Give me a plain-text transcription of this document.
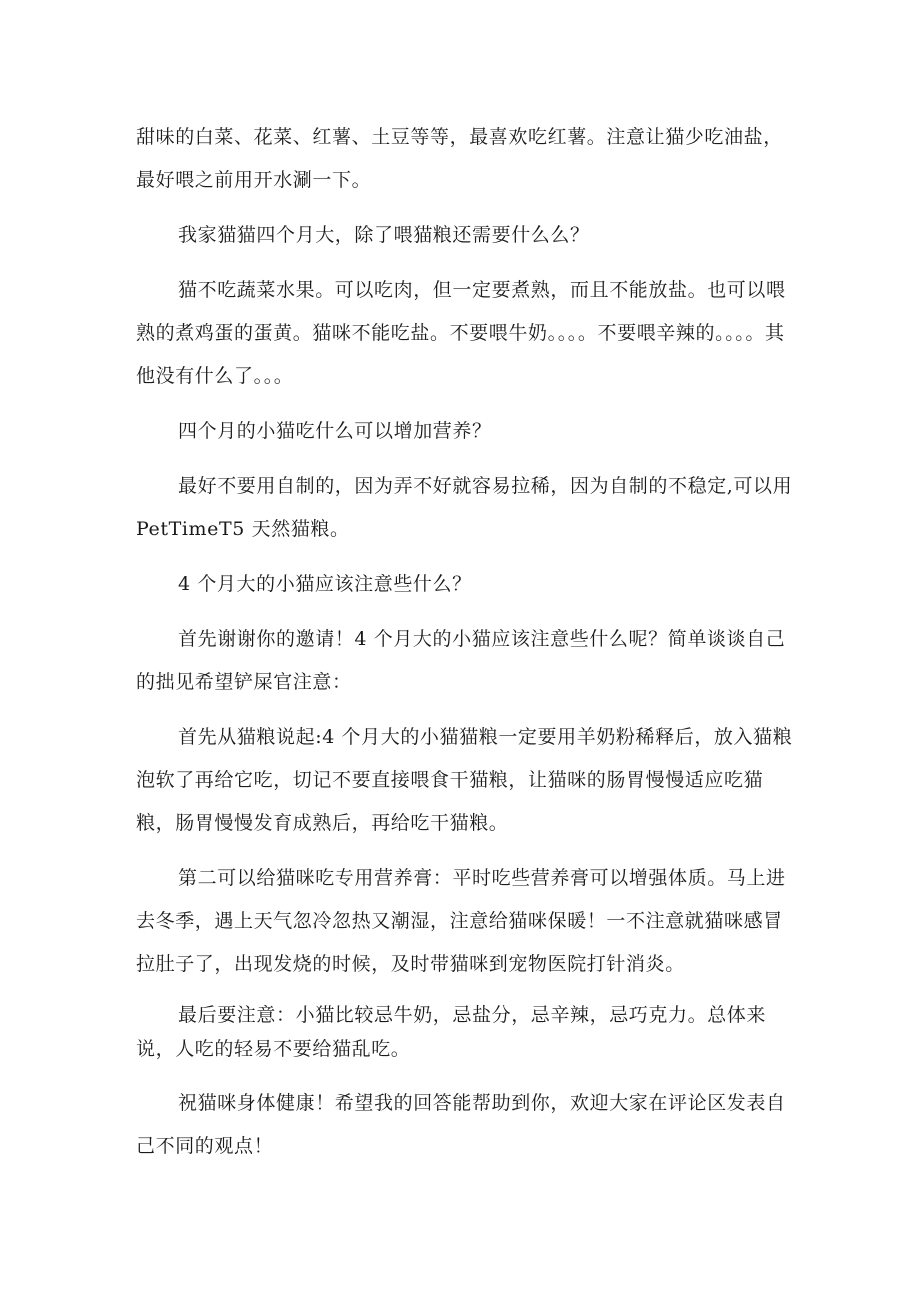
甜味的白菜、花菜、红薯、土豆等等，最喜欢吃红薯。注意让猫少吃油盐，最好喂之前用开水涮一下。

我家猫猫四个月大，除了喂猫粮还需要什么么？

猫不吃蔬菜水果。可以吃肉，但一定要煮熟，而且不能放盐。也可以喂熟的煮鸡蛋的蛋黄。猫咪不能吃盐。不要喂牛奶。。。。不要喂辛辣的。。。。其他没有什么了。。。

四个月的小猫吃什么可以增加营养？

最好不要用自制的，因为弄不好就容易拉稀，因为自制的不稳定,可以用 PetTimeT5 天然猫粮。

4 个月大的小猫应该注意些什么？

首先谢谢你的邀请！4 个月大的小猫应该注意些什么呢？简单谈谈自己的拙见希望铲屎官注意：

首先从猫粮说起:4 个月大的小猫猫粮一定要用羊奶粉稀释后，放入猫粮泡软了再给它吃，切记不要直接喂食干猫粮，让猫咪的肠胃慢慢适应吃猫粮，肠胃慢慢发育成熟后，再给吃干猫粮。

第二可以给猫咪吃专用营养膏：平时吃些营养膏可以增强体质。马上进去冬季，遇上天气忽冷忽热又潮湿，注意给猫咪保暖！一不注意就猫咪感冒拉肚子了，出现发烧的时候，及时带猫咪到宠物医院打针消炎。

最后要注意：小猫比较忌牛奶，忌盐分，忌辛辣，忌巧克力。总体来说，人吃的轻易不要给猫乱吃。

祝猫咪身体健康！希望我的回答能帮助到你，欢迎大家在评论区发表自己不同的观点！
